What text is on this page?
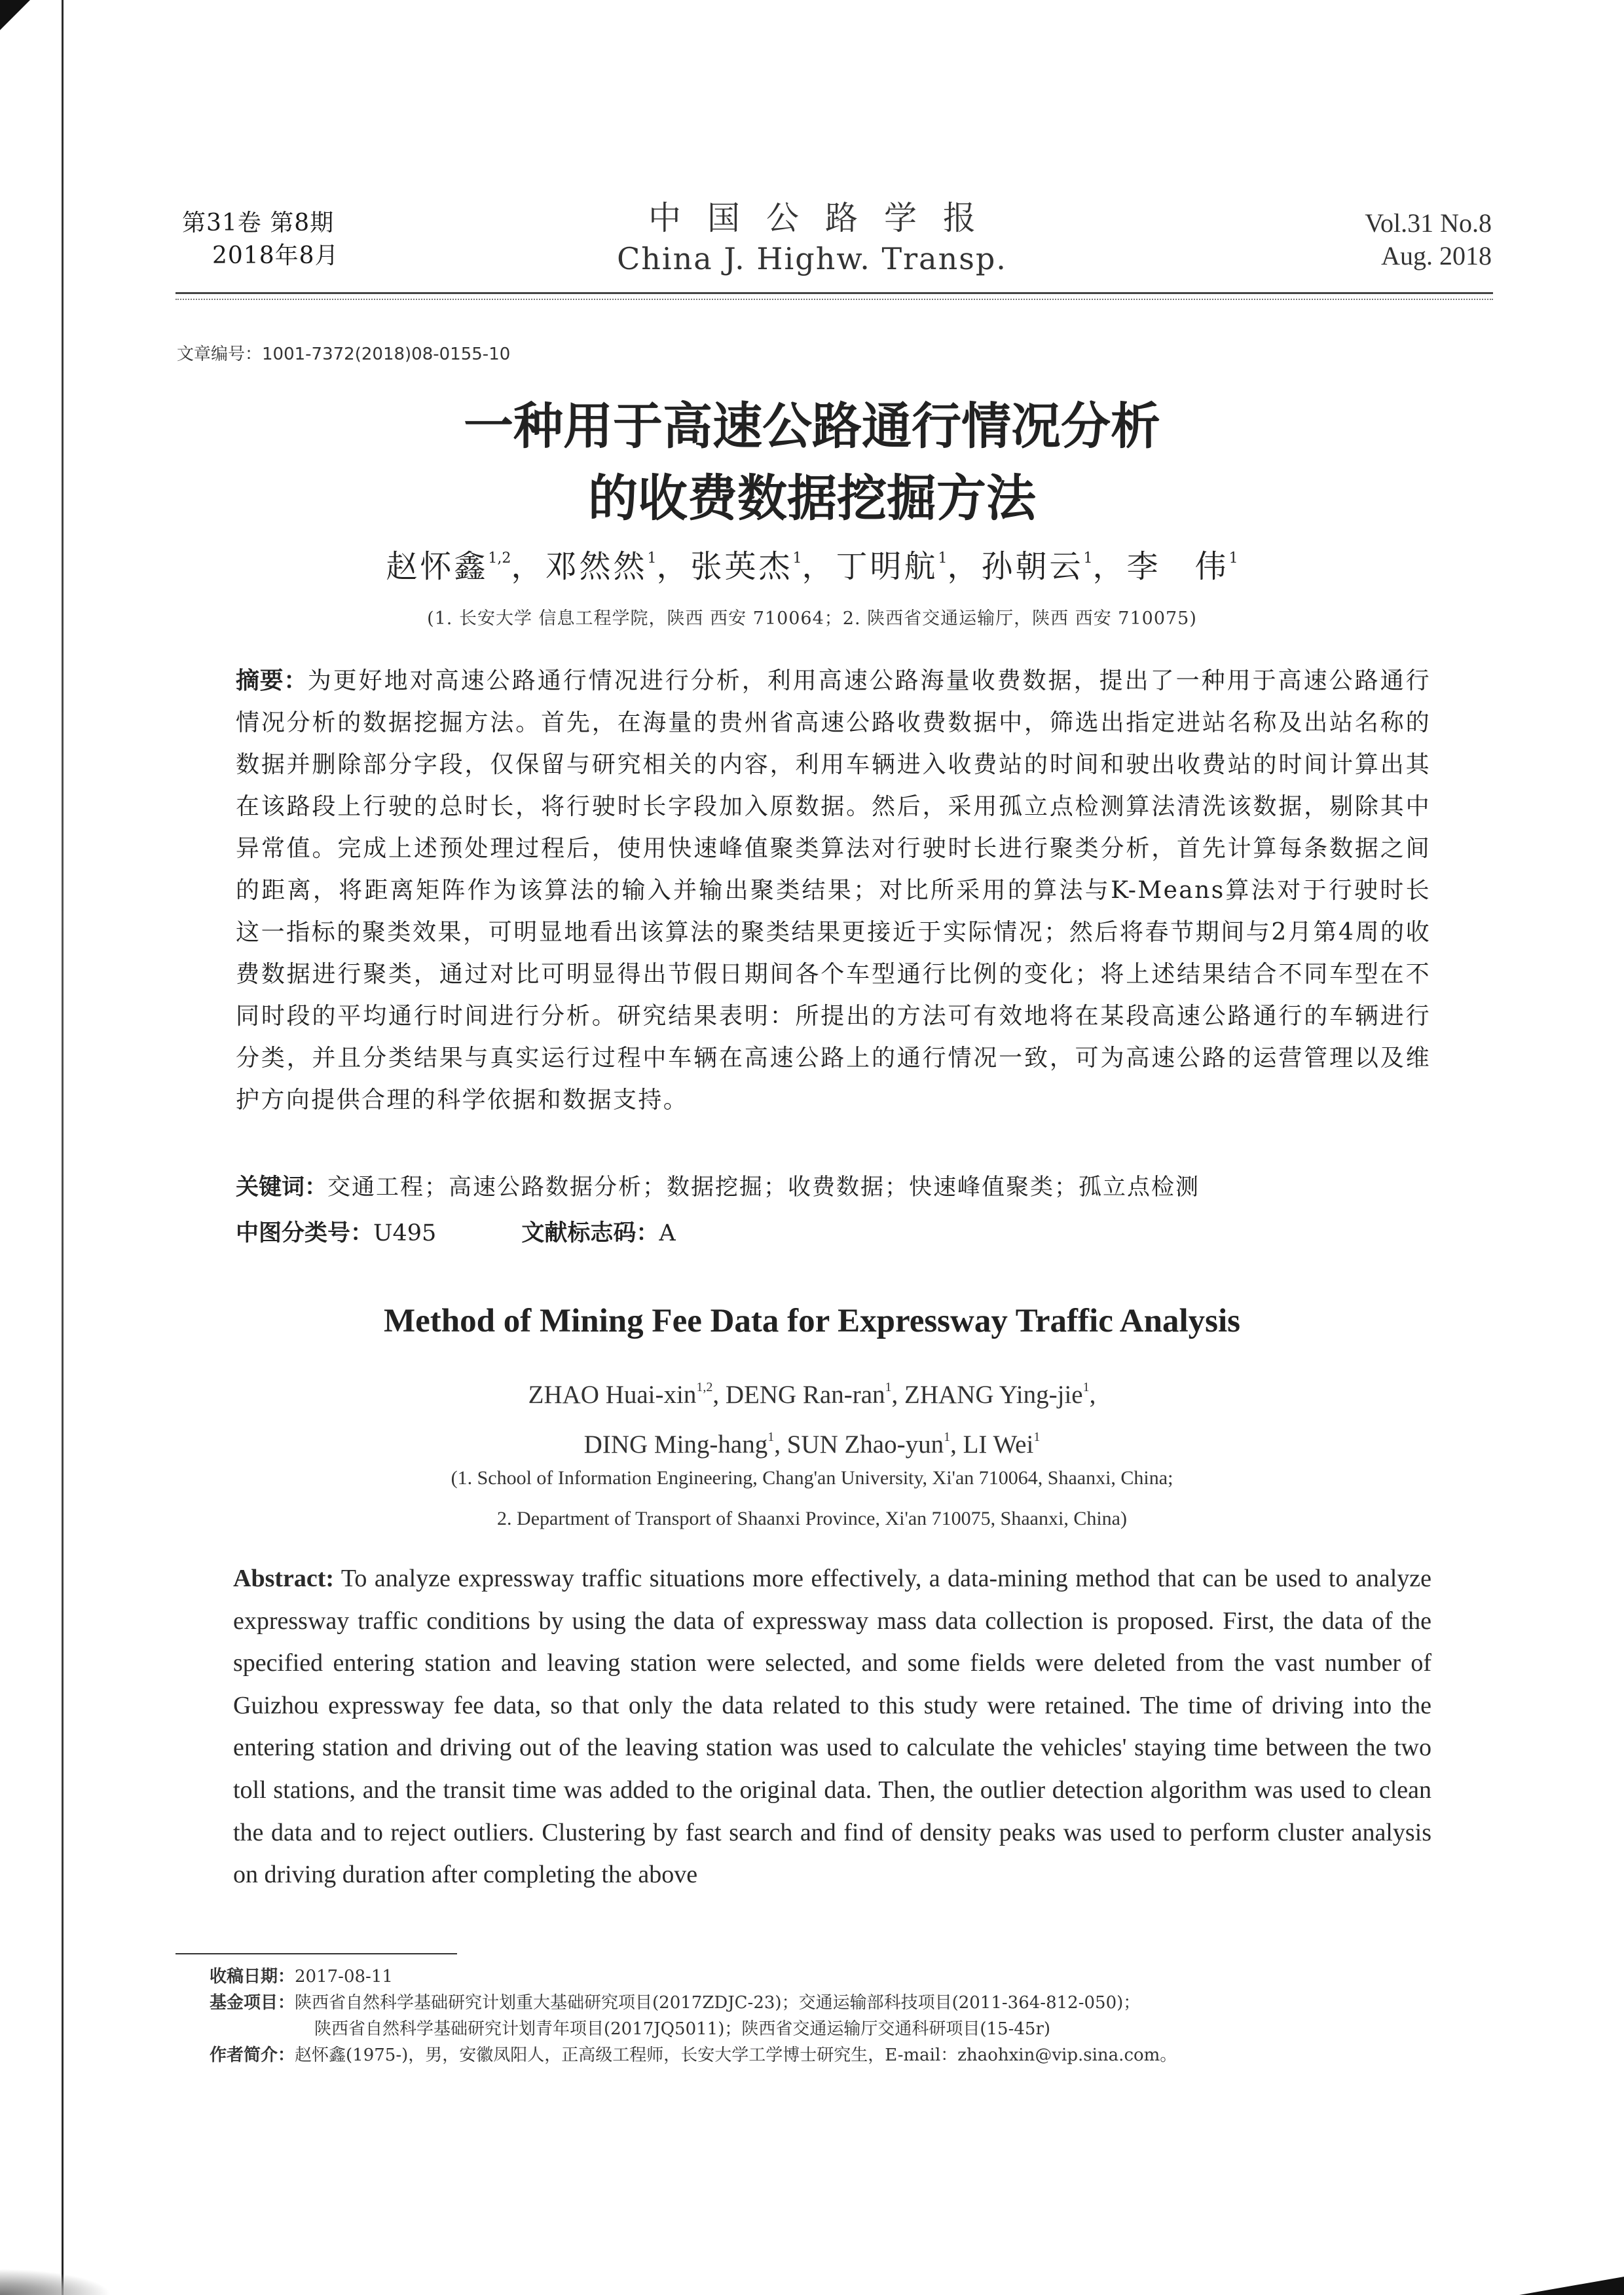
第31卷 第8期
2018年8月
中国公路学报
China J. Highw. Transp.
Vol.31 No.8
Aug. 2018
文章编号：1001-7372(2018)08-0155-10
一种用于高速公路通行情况分析
的收费数据挖掘方法
赵怀鑫$^{1,2}$，邓然然$^1$，张英杰$^1$，丁明航$^1$，孙朝云$^1$，李　伟$^1$
(1. 长安大学 信息工程学院，陕西 西安 710064；2. 陕西省交通运输厅，陕西 西安 710075)
摘要：为更好地对高速公路通行情况进行分析，利用高速公路海量收费数据，提出了一种用于高速公路通行情况分析的数据挖掘方法。首先，在海量的贵州省高速公路收费数据中，筛选出指定进站名称及出站名称的数据并删除部分字段，仅保留与研究相关的内容，利用车辆进入收费站的时间和驶出收费站的时间计算出其在该路段上行驶的总时长，将行驶时长字段加入原数据。然后，采用孤立点检测算法清洗该数据，剔除其中异常值。完成上述预处理过程后，使用快速峰值聚类算法对行驶时长进行聚类分析，首先计算每条数据之间的距离，将距离矩阵作为该算法的输入并输出聚类结果；对比所采用的算法与K-Means算法对于行驶时长这一指标的聚类效果，可明显地看出该算法的聚类结果更接近于实际情况；然后将春节期间与2月第4周的收费数据进行聚类，通过对比可明显得出节假日期间各个车型通行比例的变化；将上述结果结合不同车型在不同时段的平均通行时间进行分析。研究结果表明：所提出的方法可有效地将在某段高速公路通行的车辆进行分类，并且分类结果与真实运行过程中车辆在高速公路上的通行情况一致，可为高速公路的运营管理以及维护方向提供合理的科学依据和数据支持。
关键词：交通工程；高速公路数据分析；数据挖掘；收费数据；快速峰值聚类；孤立点检测
中图分类号：U495	文献标志码：A
Method of Mining Fee Data for Expressway Traffic Analysis
ZHAO Huai-xin$^{1,2}$, DENG Ran-ran$^1$, ZHANG Ying-jie$^1$,
DING Ming-hang$^1$, SUN Zhao-yun$^1$, LI Wei$^1$
(1. School of Information Engineering, Chang'an University, Xi'an 710064, Shaanxi, China;
2. Department of Transport of Shaanxi Province, Xi'an 710075, Shaanxi, China)
Abstract: To analyze expressway traffic situations more effectively, a data-mining method that can be used to analyze expressway traffic conditions by using the data of expressway mass data collection is proposed. First, the data of the specified entering station and leaving station were selected, and some fields were deleted from the vast number of Guizhou expressway fee data, so that only the data related to this study were retained. The time of driving into the entering station and driving out of the leaving station was used to calculate the vehicles' staying time between the two toll stations, and the transit time was added to the original data. Then, the outlier detection algorithm was used to clean the data and to reject outliers. Clustering by fast search and find of density peaks was used to perform cluster analysis on driving duration after completing the above
收稿日期：2017-08-11
基金项目：陕西省自然科学基础研究计划重大基础研究项目(2017ZDJC-23)；交通运输部科技项目(2011-364-812-050)；
陕西省自然科学基础研究计划青年项目(2017JQ5011)；陕西省交通运输厅交通科研项目(15-45r)
作者简介：赵怀鑫(1975-)，男，安徽凤阳人，正高级工程师，长安大学工学博士研究生，E-mail：zhaohxin@vip.sina.com。
